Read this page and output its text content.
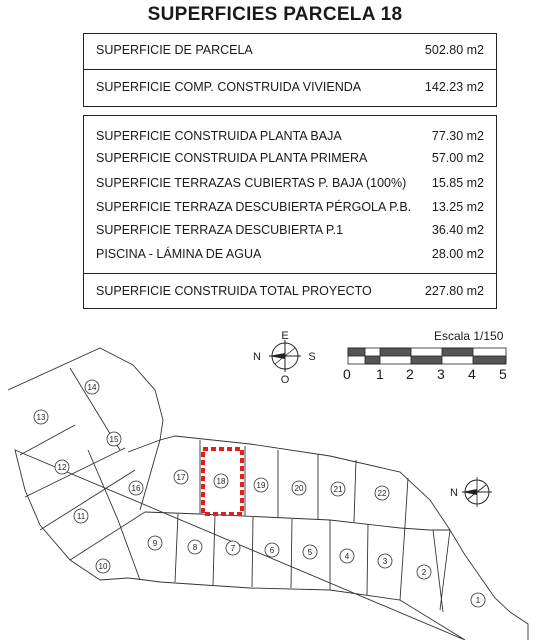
SUPERFICIES PARCELA 18
SUPERFICIE DE PARCELA	502.80 m2
SUPERFICIE COMP. CONSTRUIDA VIVIENDA	142.23 m2
SUPERFICIE CONSTRUIDA PLANTA BAJA	77.30 m2
SUPERFICIE CONSTRUIDA PLANTA PRIMERA	57.00 m2
SUPERFICIE TERRAZAS CUBIERTAS P. BAJA (100%) 15.85 m2
SUPERFICIE TERRAZA DESCUBIERTA PÉRGOLA P.B. 13.25 m2
SUPERFICIE TERRAZA DESCUBIERTA P.1	36.40 m2
PISCINA - LÁMINA DE AGUA	28.00 m2
SUPERFICIE CONSTRUIDA TOTAL PROYECTO	227.80 m2
Escala 1/150
0 1 2 3 4 5
1
2
3
4
5
6
7
8
9
10
11
12
13
14
15
16
17	18	19	20	21	22
E
N	S
O
N
